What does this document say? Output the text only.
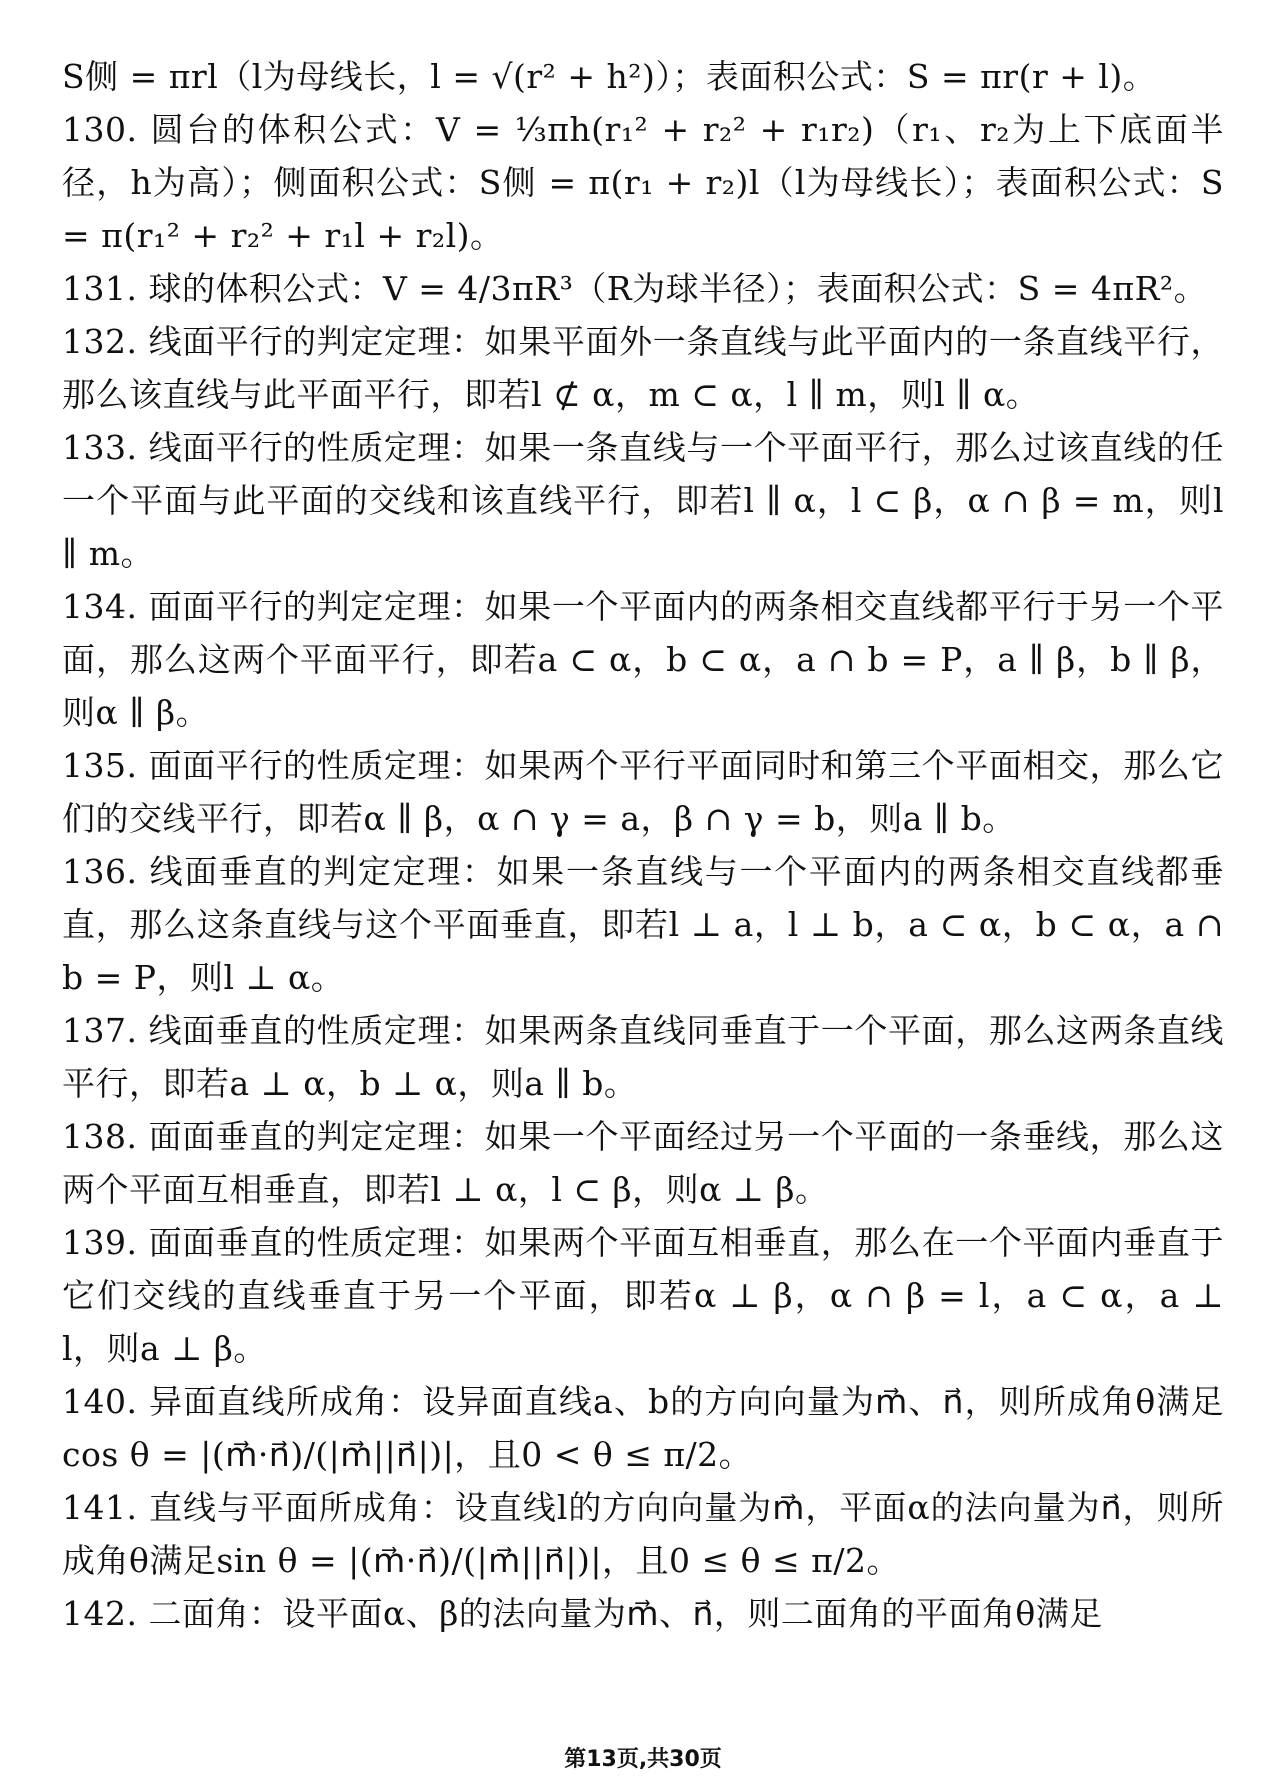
S侧 = πrl（l为母线长，l = √(r² + h²)）；表面积公式：S = πr(r + l)。

130. 圆台的体积公式：V = ⅓πh(r₁² + r₂² + r₁r₂)（r₁、r₂为上下底面半径，h为高）；侧面积公式：S侧 = π(r₁ + r₂)l（l为母线长）；表面积公式：S = π(r₁² + r₂² + r₁l + r₂l)。

131. 球的体积公式：V = 4/3πR³（R为球半径）；表面积公式：S = 4πR²。

132. 线面平行的判定定理：如果平面外一条直线与此平面内的一条直线平行，那么该直线与此平面平行，即若l ⊄ α，m ⊂ α，l ∥ m，则l ∥ α。

133. 线面平行的性质定理：如果一条直线与一个平面平行，那么过该直线的任一个平面与此平面的交线和该直线平行，即若l ∥ α，l ⊂ β，α ∩ β = m，则l ∥ m。

134. 面面平行的判定定理：如果一个平面内的两条相交直线都平行于另一个平面，那么这两个平面平行，即若a ⊂ α，b ⊂ α，a ∩ b = P，a ∥ β，b ∥ β，则α ∥ β。

135. 面面平行的性质定理：如果两个平行平面同时和第三个平面相交，那么它们的交线平行，即若α ∥ β，α ∩ γ = a，β ∩ γ = b，则a ∥ b。

136. 线面垂直的判定定理：如果一条直线与一个平面内的两条相交直线都垂直，那么这条直线与这个平面垂直，即若l ⊥ a，l ⊥ b，a ⊂ α，b ⊂ α，a ∩ b = P，则l ⊥ α。

137. 线面垂直的性质定理：如果两条直线同垂直于一个平面，那么这两条直线平行，即若a ⊥ α，b ⊥ α，则a ∥ b。

138. 面面垂直的判定定理：如果一个平面经过另一个平面的一条垂线，那么这两个平面互相垂直，即若l ⊥ α，l ⊂ β，则α ⊥ β。

139. 面面垂直的性质定理：如果两个平面互相垂直，那么在一个平面内垂直于它们交线的直线垂直于另一个平面，即若α ⊥ β，α ∩ β = l，a ⊂ α，a ⊥ l，则a ⊥ β。

140. 异面直线所成角：设异面直线a、b的方向向量为m⃗、n⃗，则所成角θ满足cos θ = |(m⃗·n⃗)/(|m⃗||n⃗|)|，且0 < θ ≤ π/2。

141. 直线与平面所成角：设直线l的方向向量为m⃗，平面α的法向量为n⃗，则所成角θ满足sin θ = |(m⃗·n⃗)/(|m⃗||n⃗|)|，且0 ≤ θ ≤ π/2。

142. 二面角：设平面α、β的法向量为m⃗、n⃗，则二面角的平面角θ满足

第13页,共30页
